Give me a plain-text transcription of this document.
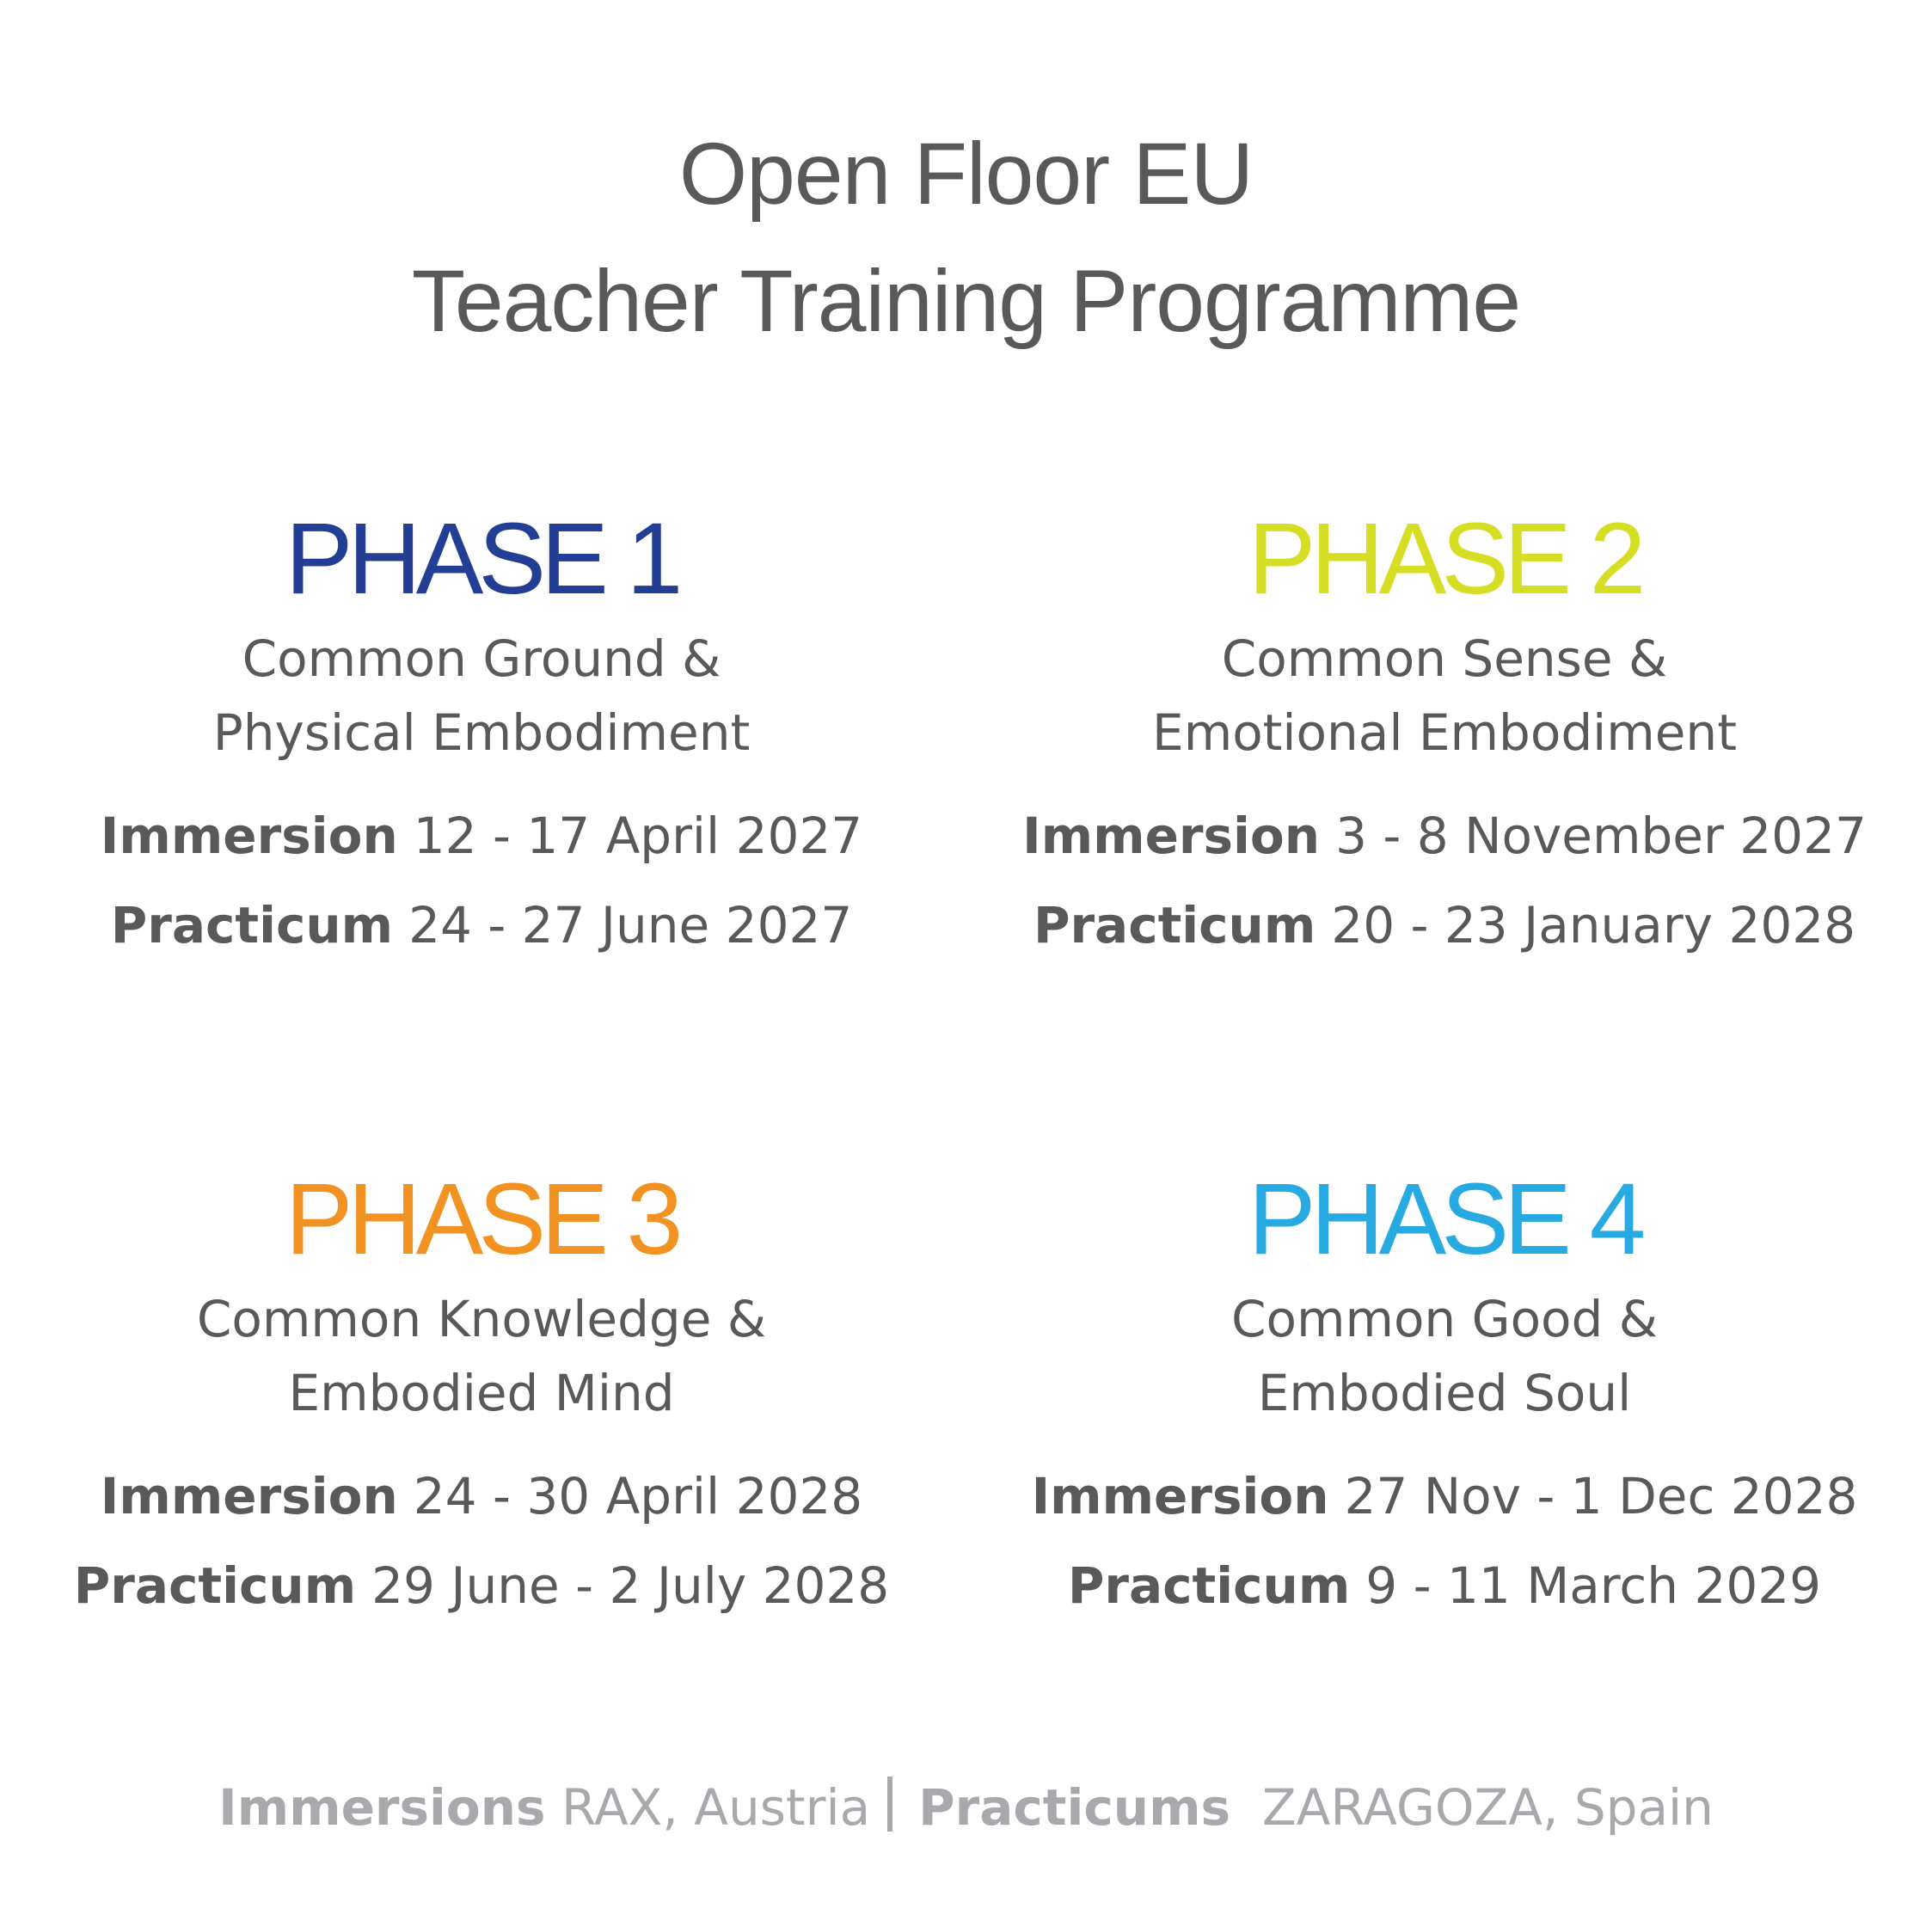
Open Floor EU
Teacher Training Programme
PHASE 1
Common Ground &
Physical Embodiment
Immersion 12 - 17 April 2027
Practicum 24 - 27 June 2027
PHASE 2
Common Sense &
Emotional Embodiment
Immersion 3 - 8 November 2027
Practicum 20 - 23 January 2028
PHASE 3
Common Knowledge &
Embodied Mind
Immersion 24 - 30 April 2028
Practicum 29 June - 2 July 2028
PHASE 4
Common Good &
Embodied Soul
Immersion 27 Nov - 1 Dec 2028
Practicum 9 - 11 March 2029
Immersions RAX, Austria Practicums ZARAGOZA, Spain
